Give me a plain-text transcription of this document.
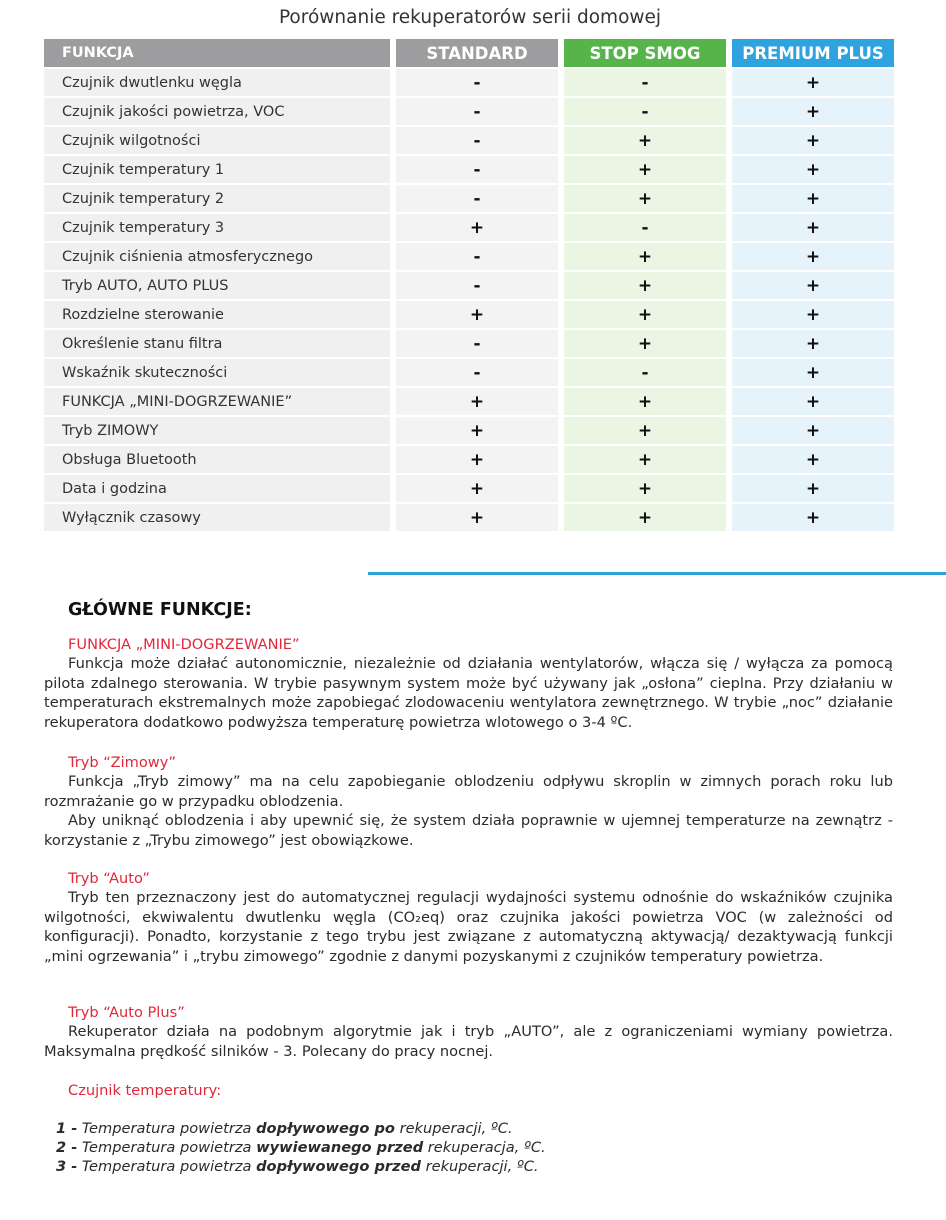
Porównanie rekuperatorów serii domowej
FUNKCJA		STANDARD		STOP SMOG		PREMIUM PLUS
Czujnik dwutlenku węgla		-		-		+
Czujnik jakości powietrza, VOC		-		-		+
Czujnik wilgotności		-		+		+
Czujnik temperatury 1		-		+		+
Czujnik temperatury 2		-		+		+
Czujnik temperatury 3		+		-		+
Czujnik ciśnienia atmosferycznego		-		+		+
Tryb AUTO, AUTO PLUS		-		+		+
Rozdzielne sterowanie		+		+		+
Określenie stanu filtra		-		+		+
Wskaźnik skuteczności		-		-		+
FUNKCJA „MINI-DOGRZEWANIE”		+		+		+
Tryb ZIMOWY		+		+		+
Obsługa Bluetooth		+		+		+
Data i godzina		+		+		+
Wyłącznik czasowy		+		+		+
GŁÓWNE FUNKCJE:
FUNKCJA „MINI-DOGRZEWANIE”

Funkcja może działać autonomicznie, niezależnie od działania wentylatorów, włącza się / wyłącza za pomocą pilota zdalnego sterowania. W trybie pasywnym system może być używany jak „osłona” cieplna. Przy działaniu w temperaturach ekstremalnych może zapobiegać zlodowaceniu wentylatora zewnętrznego. W trybie „noc” działanie rekuperatora dodatkowo podwyższa temperaturę powietrza wlotowego o 3-4 ºC.

Tryb “Zimowy”

Funkcja „Tryb zimowy” ma na celu zapobieganie oblodzeniu odpływu skroplin w zimnych porach roku lub rozmrażanie go w przypadku oblodzenia.

Aby uniknąć oblodzenia i aby upewnić się, że system działa poprawnie w ujemnej temperaturze na zewnątrz - korzystanie z „Trybu zimowego” jest obowiązkowe.

Tryb “Auto”

Tryb ten przeznaczony jest do automatycznej regulacji wydajności systemu odnośnie do wskaźników czujnika wilgotności, ekwiwalentu dwutlenku węgla (CO₂eq) oraz czujnika jakości powietrza VOC (w zależności od konfiguracji). Ponadto, korzystanie z tego trybu jest związane z automatyczną aktywacją/ dezaktywacją funkcji „mini ogrzewania” i „trybu zimowego” zgodnie z danymi pozyskanymi z czujników temperatury powietrza.

Tryb “Auto Plus”

Rekuperator działa na podobnym algorytmie jak i tryb „AUTO”, ale z ograniczeniami wymiany powietrza. Maksymalna prędkość silników - 3. Polecany do pracy nocnej.

Czujnik temperatury:
1 - Temperatura powietrza dopływowego po rekuperacji, ºC.
2 - Temperatura powietrza wywiewanego przed rekuperacja, ºC.
3 - Temperatura powietrza dopływowego przed rekuperacji, ºC.
